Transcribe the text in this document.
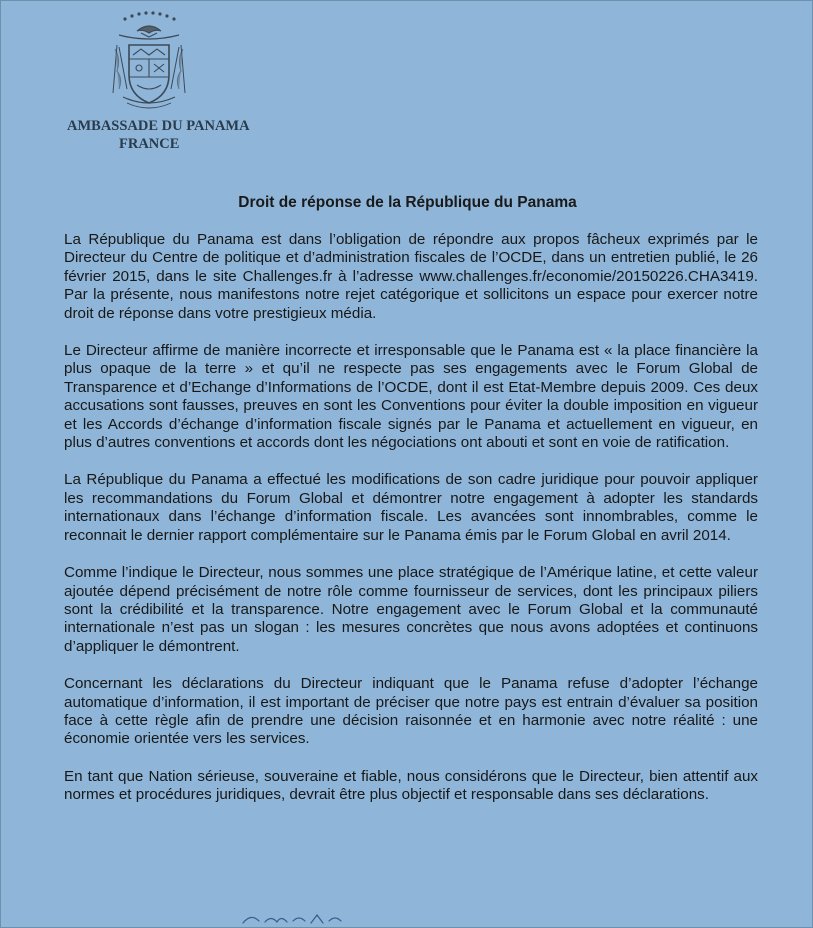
AMBASSADE DU PANAMA
FRANCE
Droit de réponse de la République du Panama

La République du Panama est dans l’obligation de répondre aux propos fâcheux exprimés par le Directeur du Centre de politique et d’administration fiscales de l’OCDE, dans un entretien publié, le 26 février 2015, dans le site Challenges.fr à l’adresse www.challenges.fr/economie/20150226.CHA3419. Par la présente, nous manifestons notre rejet catégorique et sollicitons un espace pour exercer notre droit de réponse dans votre prestigieux média.

Le Directeur affirme de manière incorrecte et irresponsable que le Panama est « la place financière la plus opaque de la terre » et qu’il ne respecte pas ses engagements avec le Forum Global de Transparence et d’Echange d’Informations de l’OCDE, dont il est Etat-Membre depuis 2009. Ces deux accusations sont fausses, preuves en sont les Conventions pour éviter la double imposition en vigueur et les Accords d’échange d’information fiscale signés par le Panama et actuellement en vigueur, en plus d’autres conventions et accords dont les négociations ont abouti et sont en voie de ratification.

La République du Panama a effectué les modifications de son cadre juridique pour pouvoir appliquer les recommandations du Forum Global et démontrer notre engagement à adopter les standards internationaux dans l’échange d’information fiscale. Les avancées sont innombrables, comme le reconnait le dernier rapport complémentaire sur le Panama émis par le Forum Global en avril 2014.

Comme l’indique le Directeur, nous sommes une place stratégique de l’Amérique latine, et cette valeur ajoutée dépend précisément de notre rôle comme fournisseur de services, dont les principaux piliers sont la crédibilité et la transparence. Notre engagement avec le Forum Global et la communauté internationale n’est pas un slogan : les mesures concrètes que nous avons adoptées et continuons d’appliquer le démontrent.

Concernant les déclarations du Directeur indiquant que le Panama refuse d’adopter l’échange automatique d’information, il est important de préciser que notre pays est entrain d’évaluer sa position face à cette règle afin de prendre une décision raisonnée et en harmonie avec notre réalité : une économie orientée vers les services.

En tant que Nation sérieuse, souveraine et fiable, nous considérons que le Directeur, bien attentif aux normes et procédures juridiques, devrait être plus objectif et responsable dans ses déclarations.
